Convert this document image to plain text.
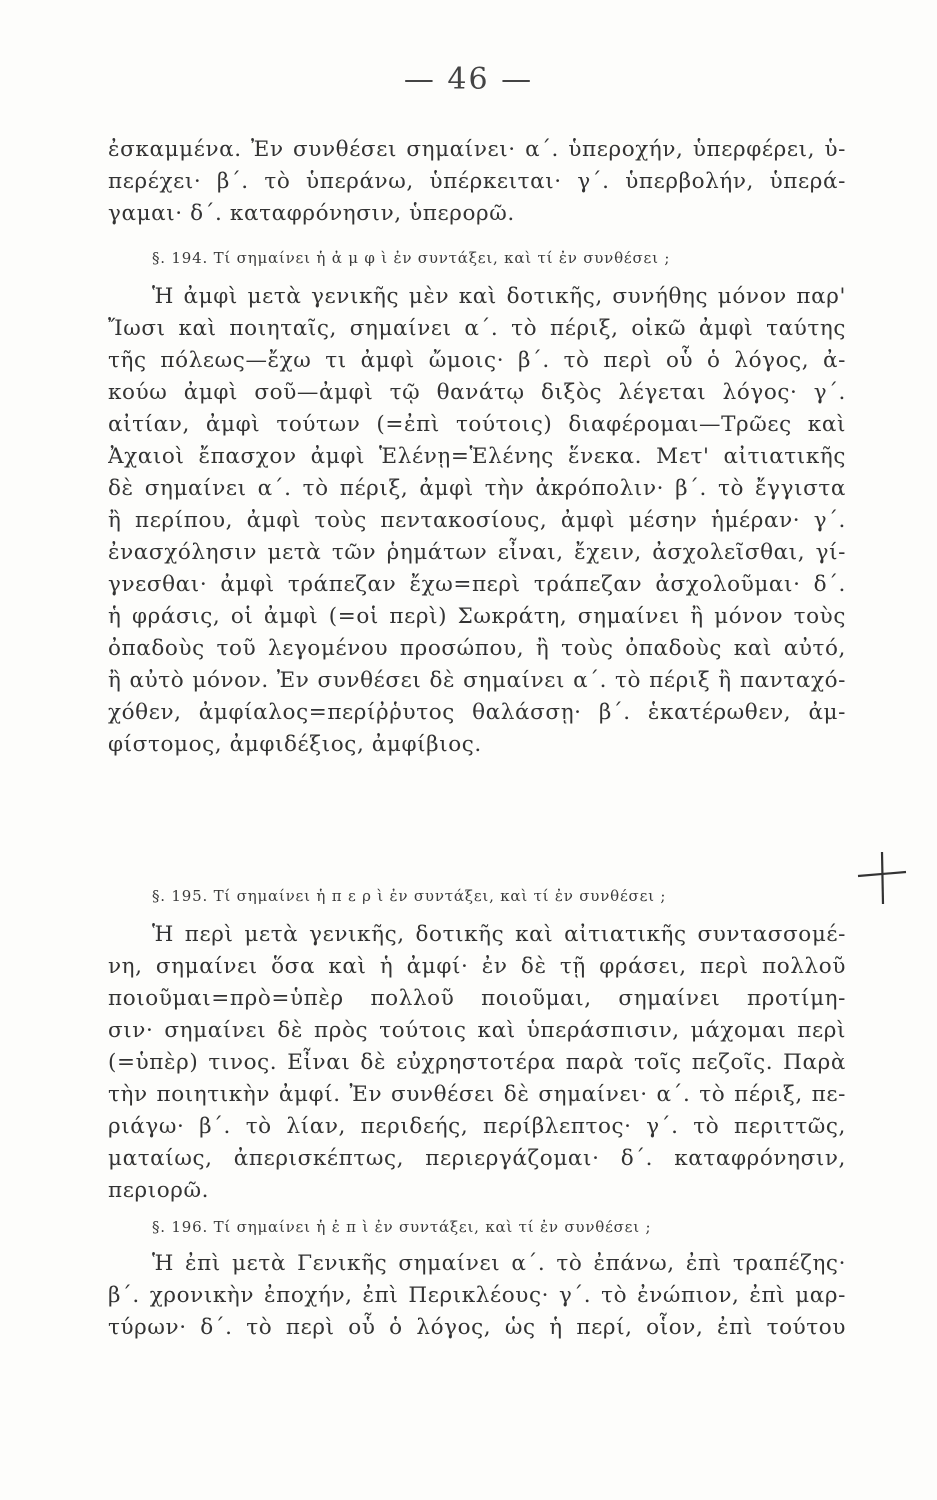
— 46 —
ἐσκαμμένα. Ἐν συνθέσει σημαίνει· α΄. ὑπεροχήν, ὑπερφέρει, ὑ-
περέχει· β΄. τὸ ὑπεράνω, ὑπέρκειται· γ΄. ὑπερβολήν, ὑπερά-
γαμαι· δ΄. καταφρόνησιν, ὑπερορῶ.
§. 194. Τί σημαίνει ἡ ἀ μ φ ὶ ἐν συντάξει, καὶ τί ἐν συνθέσει ;
Ἡ ἀμφὶ μετὰ γενικῆς μὲν καὶ δοτικῆς, συνήθης μόνον παρ'
Ἴωσι καὶ ποιηταῖς, σημαίνει α΄. τὸ πέριξ, οἰκῶ ἀμφὶ ταύτης
τῆς πόλεως—ἔχω τι ἀμφὶ ὤμοις· β΄. τὸ περὶ οὗ ὁ λόγος, ἀ-
κούω ἀμφὶ σοῦ—ἀμφὶ τῷ θανάτῳ διξὸς λέγεται λόγος· γ΄.
αἰτίαν, ἀμφὶ τούτων (=ἐπὶ τούτοις) διαφέρομαι—Τρῶες καὶ
Ἀχαιοὶ ἔπασχον ἀμφὶ Ἑλένῃ=Ἑλένης ἕνεκα. Μετ' αἰτιατικῆς
δὲ σημαίνει α΄. τὸ πέριξ, ἀμφὶ τὴν ἀκρόπολιν· β΄. τὸ ἔγγιστα
ἢ περίπου, ἀμφὶ τοὺς πεντακοσίους, ἀμφὶ μέσην ἡμέραν· γ΄.
ἐνασχόλησιν μετὰ τῶν ῥημάτων εἶναι, ἔχειν, ἀσχολεῖσθαι, γί-
γνεσθαι· ἀμφὶ τράπεζαν ἔχω=περὶ τράπεζαν ἀσχολοῦμαι· δ΄.
ἡ φράσις, οἱ ἀμφὶ (=οἱ περὶ) Σωκράτη, σημαίνει ἢ μόνον τοὺς
ὀπαδοὺς τοῦ λεγομένου προσώπου, ἢ τοὺς ὀπαδοὺς καὶ αὐτό,
ἢ αὐτὸ μόνον. Ἐν συνθέσει δὲ σημαίνει α΄. τὸ πέριξ ἢ πανταχό-
χόθεν, ἀμφίαλος=περίῤῥυτος θαλάσσῃ· β΄. ἑκατέρωθεν, ἀμ-
φίστομος, ἀμφιδέξιος, ἀμφίβιος.
§. 195. Τί σημαίνει ἡ π ε ρ ὶ ἐν συντάξει, καὶ τί ἐν συνθέσει ;
Ἡ περὶ μετὰ γενικῆς, δοτικῆς καὶ αἰτιατικῆς συντασσομέ-
νη, σημαίνει ὅσα καὶ ἡ ἀμφί· ἐν δὲ τῇ φράσει, περὶ πολλοῦ
ποιοῦμαι=πρὸ=ὑπὲρ πολλοῦ ποιοῦμαι, σημαίνει προτίμη-
σιν· σημαίνει δὲ πρὸς τούτοις καὶ ὑπεράσπισιν, μάχομαι περὶ
(=ὑπὲρ) τινος. Εἶναι δὲ εὐχρηστοτέρα παρὰ τοῖς πεζοῖς. Παρὰ
τὴν ποιητικὴν ἀμφί. Ἐν συνθέσει δὲ σημαίνει· α΄. τὸ πέριξ, πε-
ριάγω· β΄. τὸ λίαν, περιδεής, περίβλεπτος· γ΄. τὸ περιττῶς,
ματαίως, ἀπερισκέπτως, περιεργάζομαι· δ΄. καταφρόνησιν,
περιορῶ.
§. 196. Τί σημαίνει ἡ ἐ π ὶ ἐν συντάξει, καὶ τί ἐν συνθέσει ;
Ἡ ἐπὶ μετὰ Γενικῆς σημαίνει α΄. τὸ ἐπάνω, ἐπὶ τραπέζης·
β΄. χρονικὴν ἐποχήν, ἐπὶ Περικλέους· γ΄. τὸ ἐνώπιον, ἐπὶ μαρ-
τύρων· δ΄. τὸ περὶ οὗ ὁ λόγος, ὡς ἡ περί, οἷον, ἐπὶ τούτου
